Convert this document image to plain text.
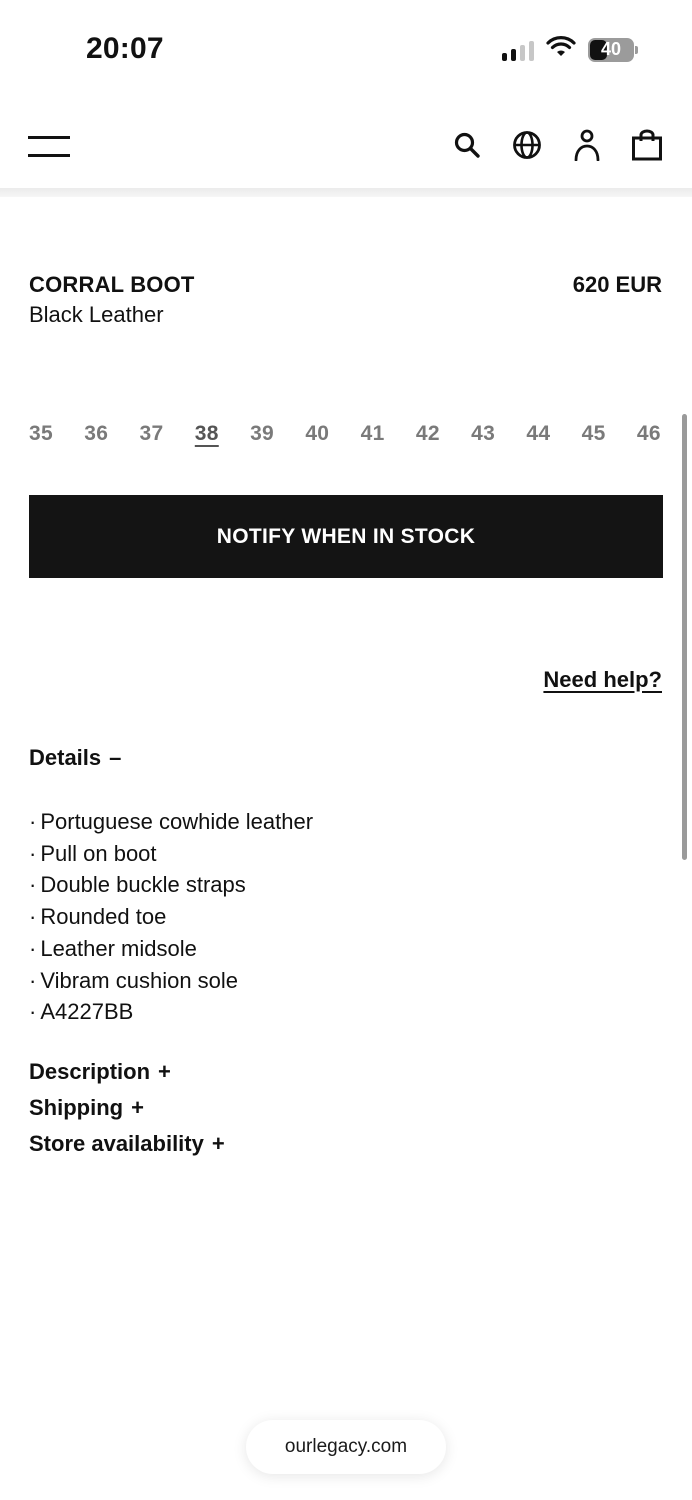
20:07	40
CORRAL BOOT
Black Leather
620 EUR
35 36 37 38 39 40 41 42 43 44 45 46
NOTIFY WHEN IN STOCK
Need help?
Details –
· Portuguese cowhide leather
· Pull on boot
· Double buckle straps
· Rounded toe
· Leather midsole
· Vibram cushion sole
· A4227BB
Description +
Shipping +
Store availability +
ourlegacy.com
